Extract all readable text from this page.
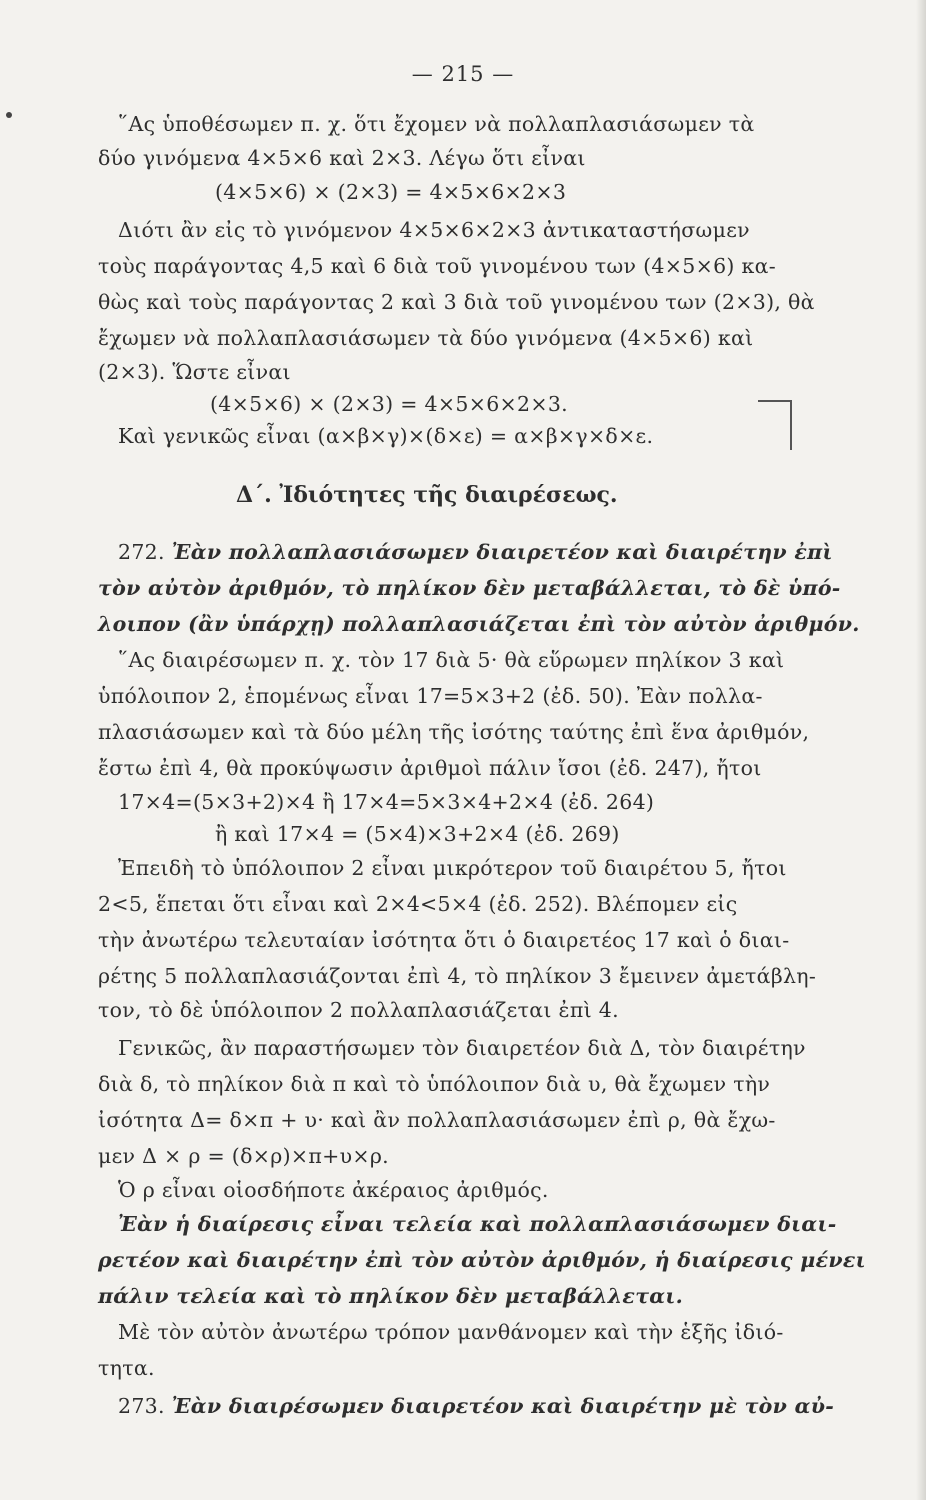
— 215 —
῞Ας ὑποθέσωμεν π. χ. ὅτι ἔχομεν νὰ πολλαπλασιάσωμεν τὰ
δύο γινόμενα 4×5×6 καὶ 2×3. Λέγω ὅτι εἶναι
(4×5×6) × (2×3) = 4×5×6×2×3
Διότι ἂν εἰς τὸ γινόμενον 4×5×6×2×3 ἀντικαταστήσωμεν
τοὺς παράγοντας 4,5 καὶ 6 διὰ τοῦ γινομένου των (4×5×6) κα-
θὼς καὶ τοὺς παράγοντας 2 καὶ 3 διὰ τοῦ γινομένου των (2×3), θὰ
ἔχωμεν νὰ πολλαπλασιάσωμεν τὰ δύο γινόμενα (4×5×6) καὶ
(2×3). Ὥστε εἶναι
(4×5×6) × (2×3) = 4×5×6×2×3.
Καὶ γενικῶς εἶναι (α×β×γ)×(δ×ε) = α×β×γ×δ×ε.
Δ΄. Ἰδιότητες τῆς διαιρέσεως.
272. Ἐὰν πολλαπλασιάσωμεν διαιρετέον καὶ διαιρέτην ἐπὶ
τὸν αὐτὸν ἀριθμόν, τὸ πηλίκον δὲν μεταβάλλεται, τὸ δὲ ὑπό-
λοιπον (ἂν ὑπάρχῃ) πολλαπλασιάζεται ἐπὶ τὸν αὐτὸν ἀριθμόν.
῞Ας διαιρέσωμεν π. χ. τὸν 17 διὰ 5· θὰ εὕρωμεν πηλίκον 3 καὶ
ὑπόλοιπον 2, ἑπομένως εἶναι 17=5×3+2 (ἐδ. 50). Ἐὰν πολλα-
πλασιάσωμεν καὶ τὰ δύο μέλη τῆς ἰσότης ταύτης ἐπὶ ἕνα ἀριθμόν,
ἔστω ἐπὶ 4, θὰ προκύψωσιν ἀριθμοὶ πάλιν ἴσοι (ἐδ. 247), ἤτοι
17×4=(5×3+2)×4 ἢ 17×4=5×3×4+2×4 (ἐδ. 264)
ἢ καὶ 17×4 = (5×4)×3+2×4 (ἐδ. 269)
Ἐπειδὴ τὸ ὑπόλοιπον 2 εἶναι μικρότερον τοῦ διαιρέτου 5, ἤτοι
2<5, ἕπεται ὅτι εἶναι καὶ 2×4<5×4 (ἐδ. 252). Βλέπομεν εἰς
τὴν ἀνωτέρω τελευταίαν ἰσότητα ὅτι ὁ διαιρετέος 17 καὶ ὁ διαι-
ρέτης 5 πολλαπλασιάζονται ἐπὶ 4, τὸ πηλίκον 3 ἔμεινεν ἀμετάβλη-
τον, τὸ δὲ ὑπόλοιπον 2 πολλαπλασιάζεται ἐπὶ 4.
Γενικῶς, ἂν παραστήσωμεν τὸν διαιρετέον διὰ Δ, τὸν διαιρέτην
διὰ δ, τὸ πηλίκον διὰ π καὶ τὸ ὑπόλοιπον διὰ υ, θὰ ἔχωμεν τὴν
ἰσότητα Δ= δ×π + υ· καὶ ἂν πολλαπλασιάσωμεν ἐπὶ ρ, θὰ ἔχω-
μεν Δ × ρ = (δ×ρ)×π+υ×ρ.
Ὁ ρ εἶναι οἱοσδήποτε ἀκέραιος ἀριθμός.
Ἐὰν ἡ διαίρεσις εἶναι τελεία καὶ πολλαπλασιάσωμεν διαι-
ρετέον καὶ διαιρέτην ἐπὶ τὸν αὐτὸν ἀριθμόν, ἡ διαίρεσις μένει
πάλιν τελεία καὶ τὸ πηλίκον δὲν μεταβάλλεται.
Μὲ τὸν αὐτὸν ἀνωτέρω τρόπον μανθάνομεν καὶ τὴν ἑξῆς ἰδιό-
τητα.
273. Ἐὰν διαιρέσωμεν διαιρετέον καὶ διαιρέτην μὲ τὸν αὐ-
